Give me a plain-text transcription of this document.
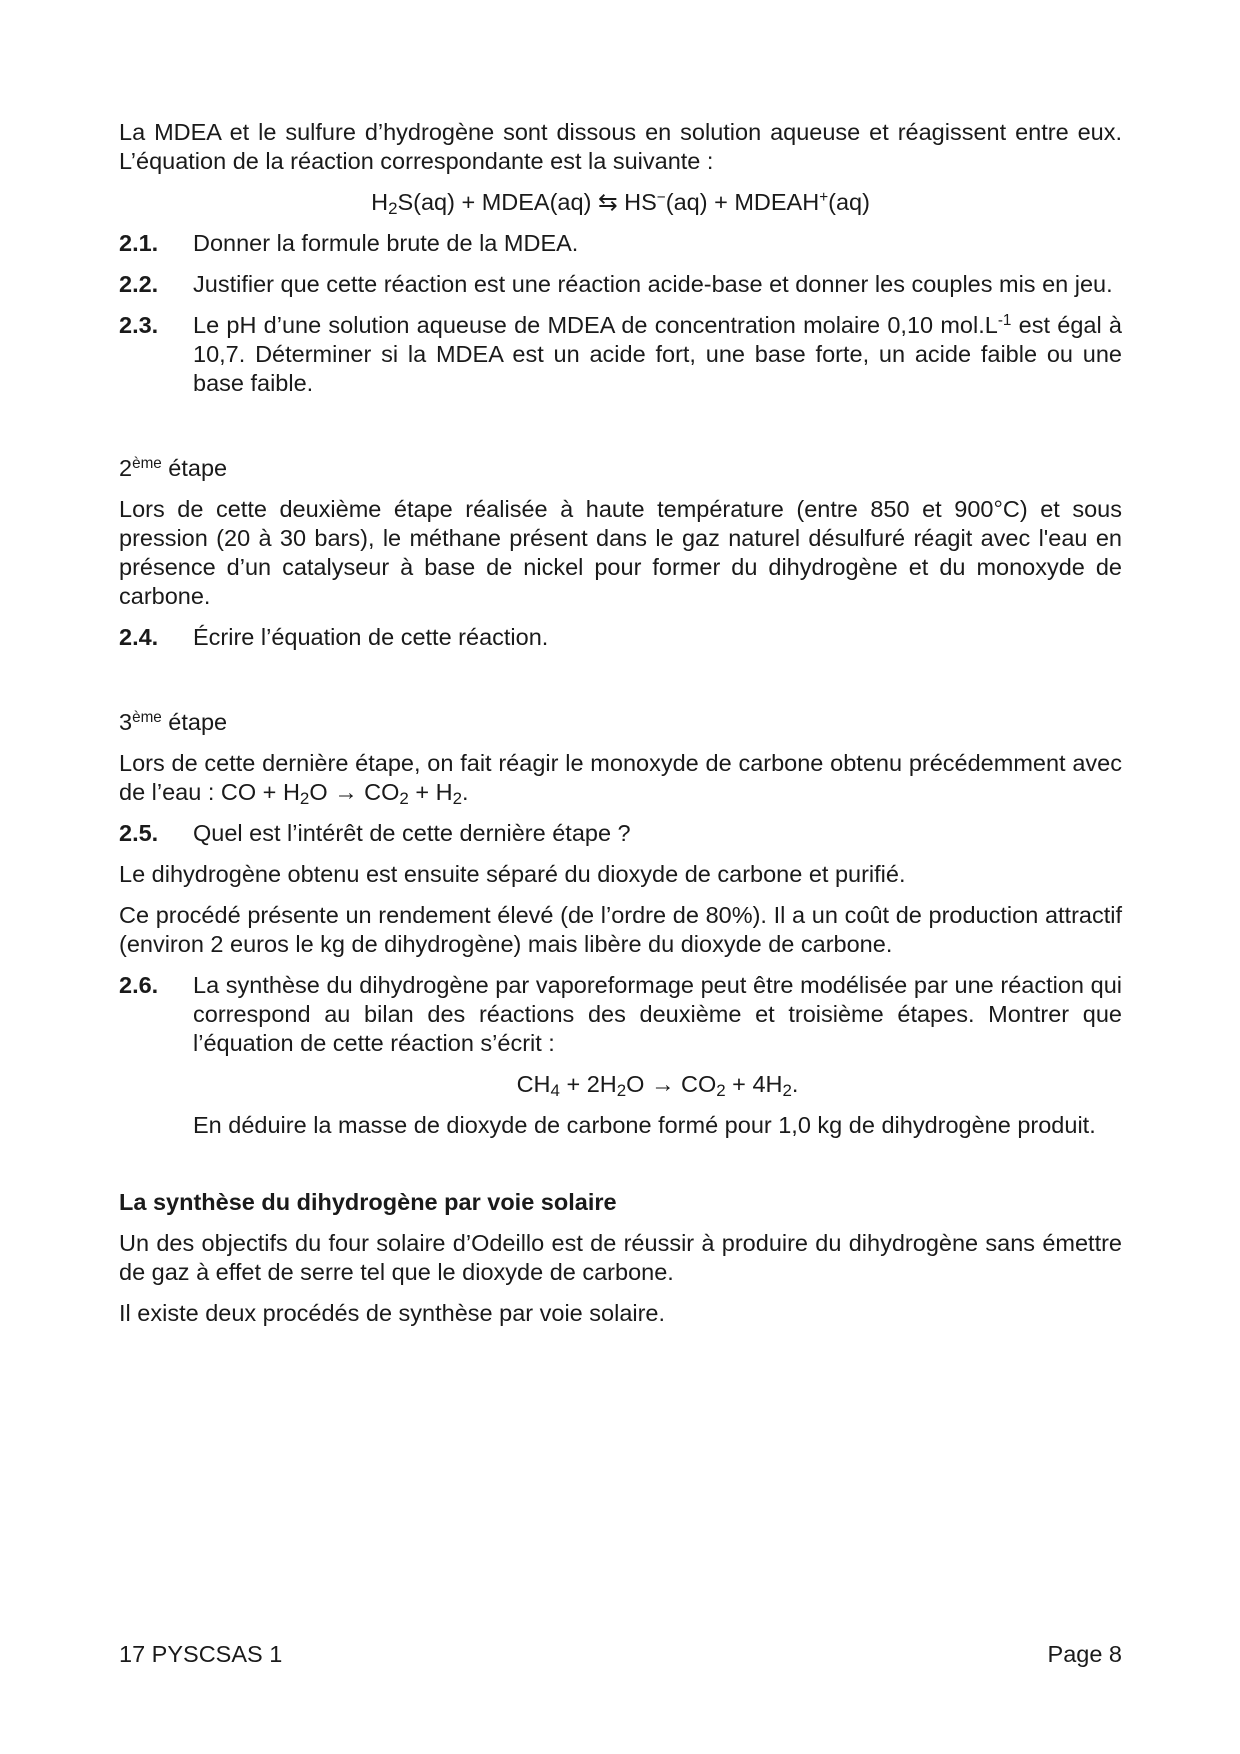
La MDEA et le sulfure d’hydrogène sont dissous en solution aqueuse et réagissent entre eux. L’équation de la réaction correspondante est la suivante :

H2S(aq) + MDEA(aq) ⇆ HS−(aq) + MDEAH+(aq)
2.1.	Donner la formule brute de la MDEA.
2.2.	Justifier que cette réaction est une réaction acide-base et donner les couples mis en jeu.
2.3.	Le pH d’une solution aqueuse de MDEA de concentration molaire 0,10 $mol.L^{-1}$ est égal à 10,7. Déterminer si la MDEA est un acide fort, une base forte, un acide faible ou une base faible.

2ème étape

Lors de cette deuxième étape réalisée à haute température (entre 850 et 900°C) et sous pression (20 à 30 bars), le méthane présent dans le gaz naturel désulfuré réagit avec l'eau en présence d’un catalyseur à base de nickel pour former du dihydrogène et du monoxyde de carbone.

2.4.	Écrire l’équation de cette réaction.

3ème étape

Lors de cette dernière étape, on fait réagir le monoxyde de carbone obtenu précédemment avec de l’eau : CO + H2O → CO2 + H2.

2.5.	Quel est l’intérêt de cette dernière étape ?

Le dihydrogène obtenu est ensuite séparé du dioxyde de carbone et purifié.

Ce procédé présente un rendement élevé (de l’ordre de 80%). Il a un coût de production attractif (environ 2 euros le kg de dihydrogène) mais libère du dioxyde de carbone.

2.6.	La synthèse du dihydrogène par vaporeformage peut être modélisée par une réaction qui correspond au bilan des réactions des deuxième et troisième étapes. Montrer que l’équation de cette réaction s’écrit :
CH4 + 2H2O → CO2 + 4H2.

En déduire la masse de dioxyde de carbone formé pour 1,0 kg de dihydrogène produit.

La synthèse du dihydrogène par voie solaire

Un des objectifs du four solaire d’Odeillo est de réussir à produire du dihydrogène sans émettre de gaz à effet de serre tel que le dioxyde de carbone.

Il existe deux procédés de synthèse par voie solaire.

17 PYSCSAS 1	Page 8
